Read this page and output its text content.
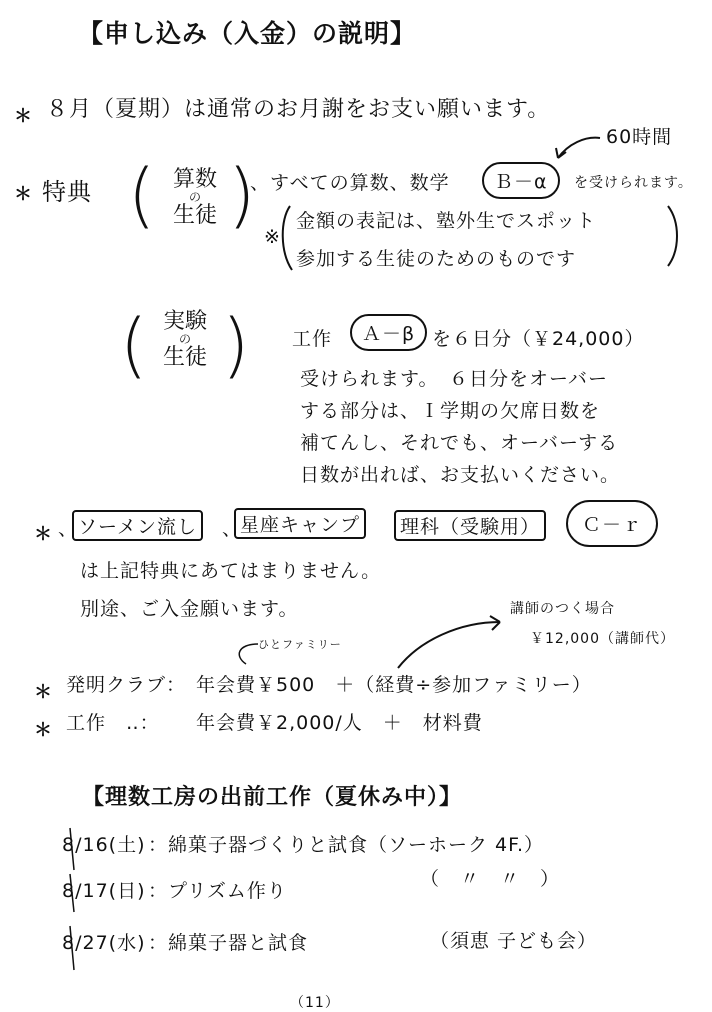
【申し込み（入金）の説明】
＊ ８月（夏期）は通常のお月謝をお支い願います。
＊ 特典 ( 算数
の
生徒 )
、すべての算数、数学	Ｂ－α	を受けられます。
60時間
※
金額の表記は、塾外生でスポット
参加する生徒のためのものです
( 実験
の
生徒 ) 工作	Ａ－β を６日分（￥24,000）
受けられます。　６日分をオーバー
する部分は、Ｉ学期の欠席日数を
補てんし、それでも、オーバーする
日数が出れば、お支払いください。
＊ 、 ソーメン流し	、
星座キャンプ	理科（受験用）	Ｃ－ｒ
は上記特典にあてはまりません。
別途、ご入金願います。	講師のつく場合
￥12,000（講師代）
ひとファミリー
＊ 発明クラブ： 年会費￥500　＋（経費÷参加ファミリー）
＊ 工作　‥： 年会費￥2,000/人　＋　材料費
【理数工房の出前工作（夏休み中）】
8/16(土) ：綿菓子器づくりと試食（ソーホーク 4F.）
8/17(日) ：プリズム作り
（　〃　〃　）
8/27(水) ：綿菓子器と試食	（須恵 子ども会）
（11）
